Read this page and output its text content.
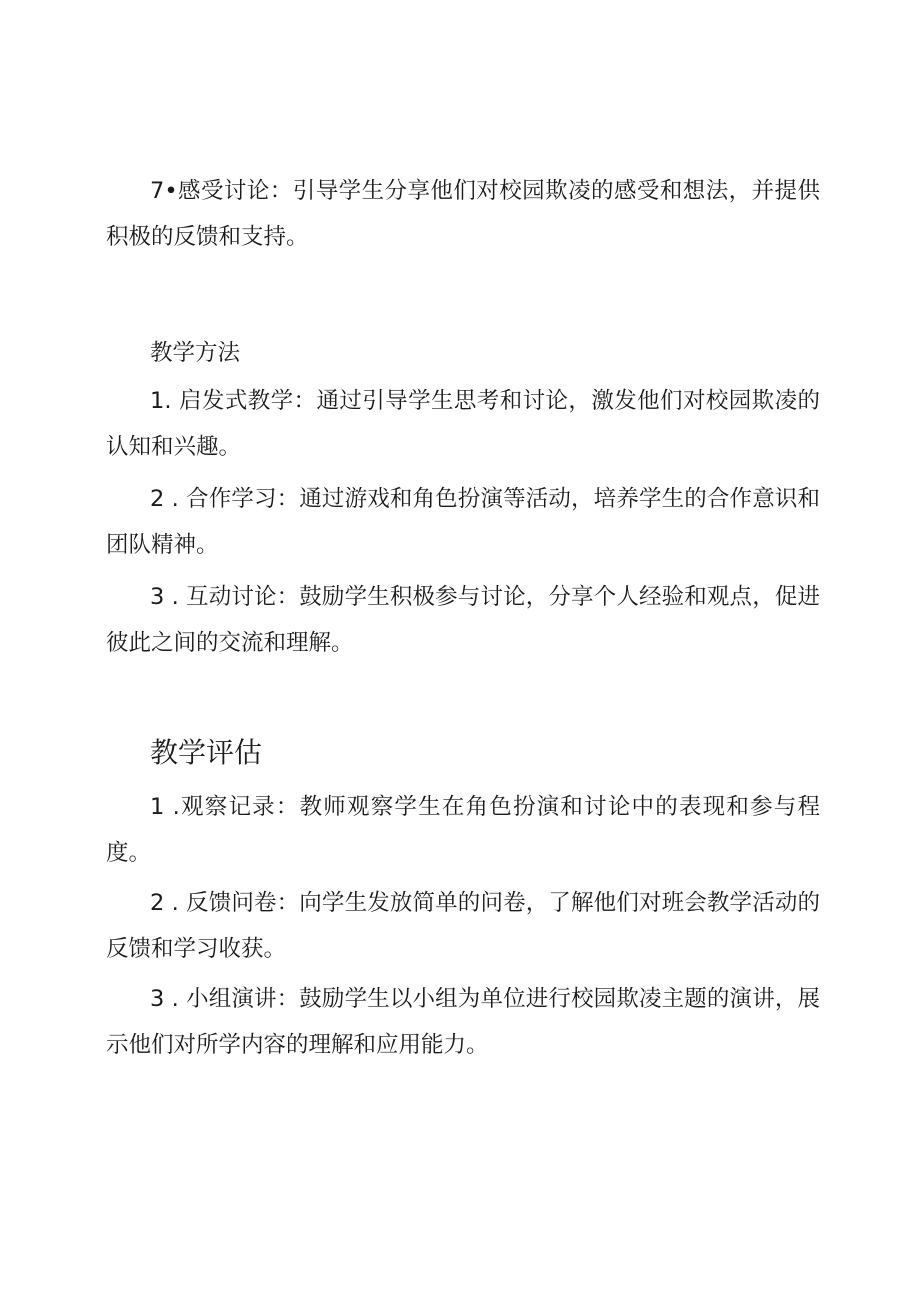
7•感受讨论：引导学生分享他们对校园欺凌的感受和想法，并提供积极的反馈和支持。

教学方法

1. 启发式教学：通过引导学生思考和讨论，激发他们对校园欺凌的认知和兴趣。

2 . 合作学习：通过游戏和角色扮演等活动，培养学生的合作意识和团队精神。

3 . 互动讨论：鼓励学生积极参与讨论，分享个人经验和观点，促进彼此之间的交流和理解。

教学评估

1 .观察记录：教师观察学生在角色扮演和讨论中的表现和参与程度。

2 . 反馈问卷：向学生发放简单的问卷，了解他们对班会教学活动的反馈和学习收获。

3 . 小组演讲：鼓励学生以小组为单位进行校园欺凌主题的演讲，展示他们对所学内容的理解和应用能力。
